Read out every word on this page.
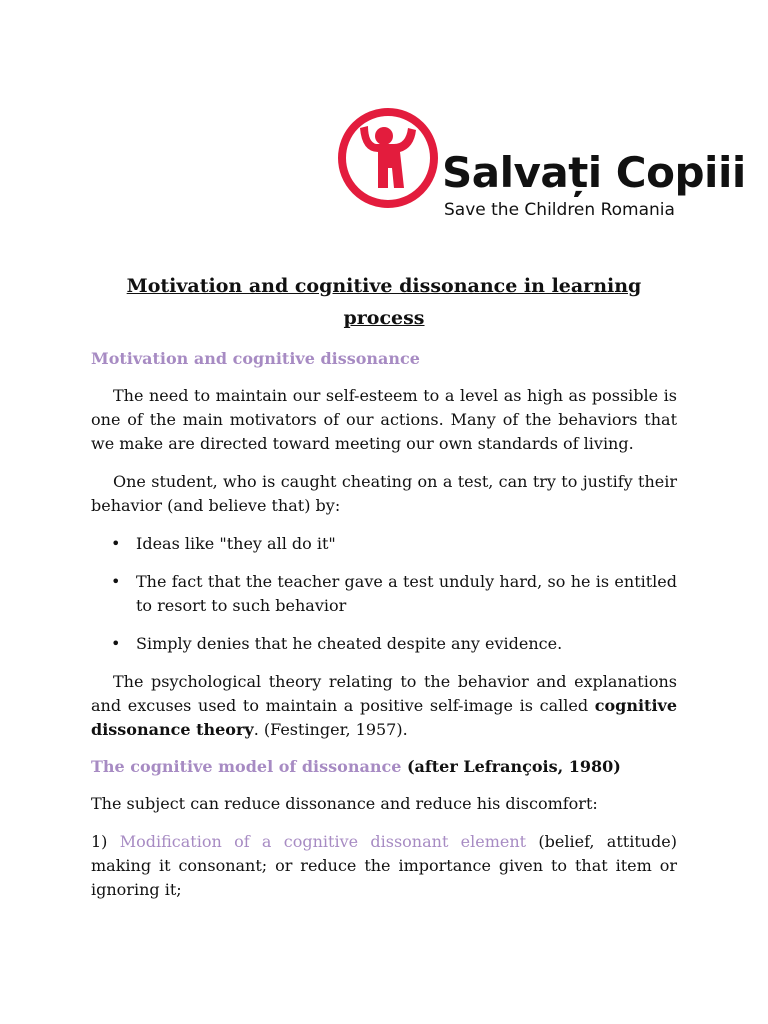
Salvați Copiii
Save the Children Romania
Motivation and cognitive dissonance in learning process
Motivation and cognitive dissonance

The need to maintain our self-esteem to a level as high as possible is one of the main motivators of our actions. Many of the behaviors that we make are directed toward meeting our own standards of living.

One student, who is caught cheating on a test, can try to justify their behavior (and believe that) by:

• Ideas like "they all do it"
• The fact that the teacher gave a test unduly hard, so he is entitled to resort to such behavior
• Simply denies that he cheated despite any evidence.

The psychological theory relating to the behavior and explanations and excuses used to maintain a positive self-image is called cognitive dissonance theory. (Festinger, 1957).

The cognitive model of dissonance (after Lefrançois, 1980)

The subject can reduce dissonance and reduce his discomfort:

1) Modification of a cognitive dissonant element (belief, attitude) making it consonant; or reduce the importance given to that item or ignoring it;
